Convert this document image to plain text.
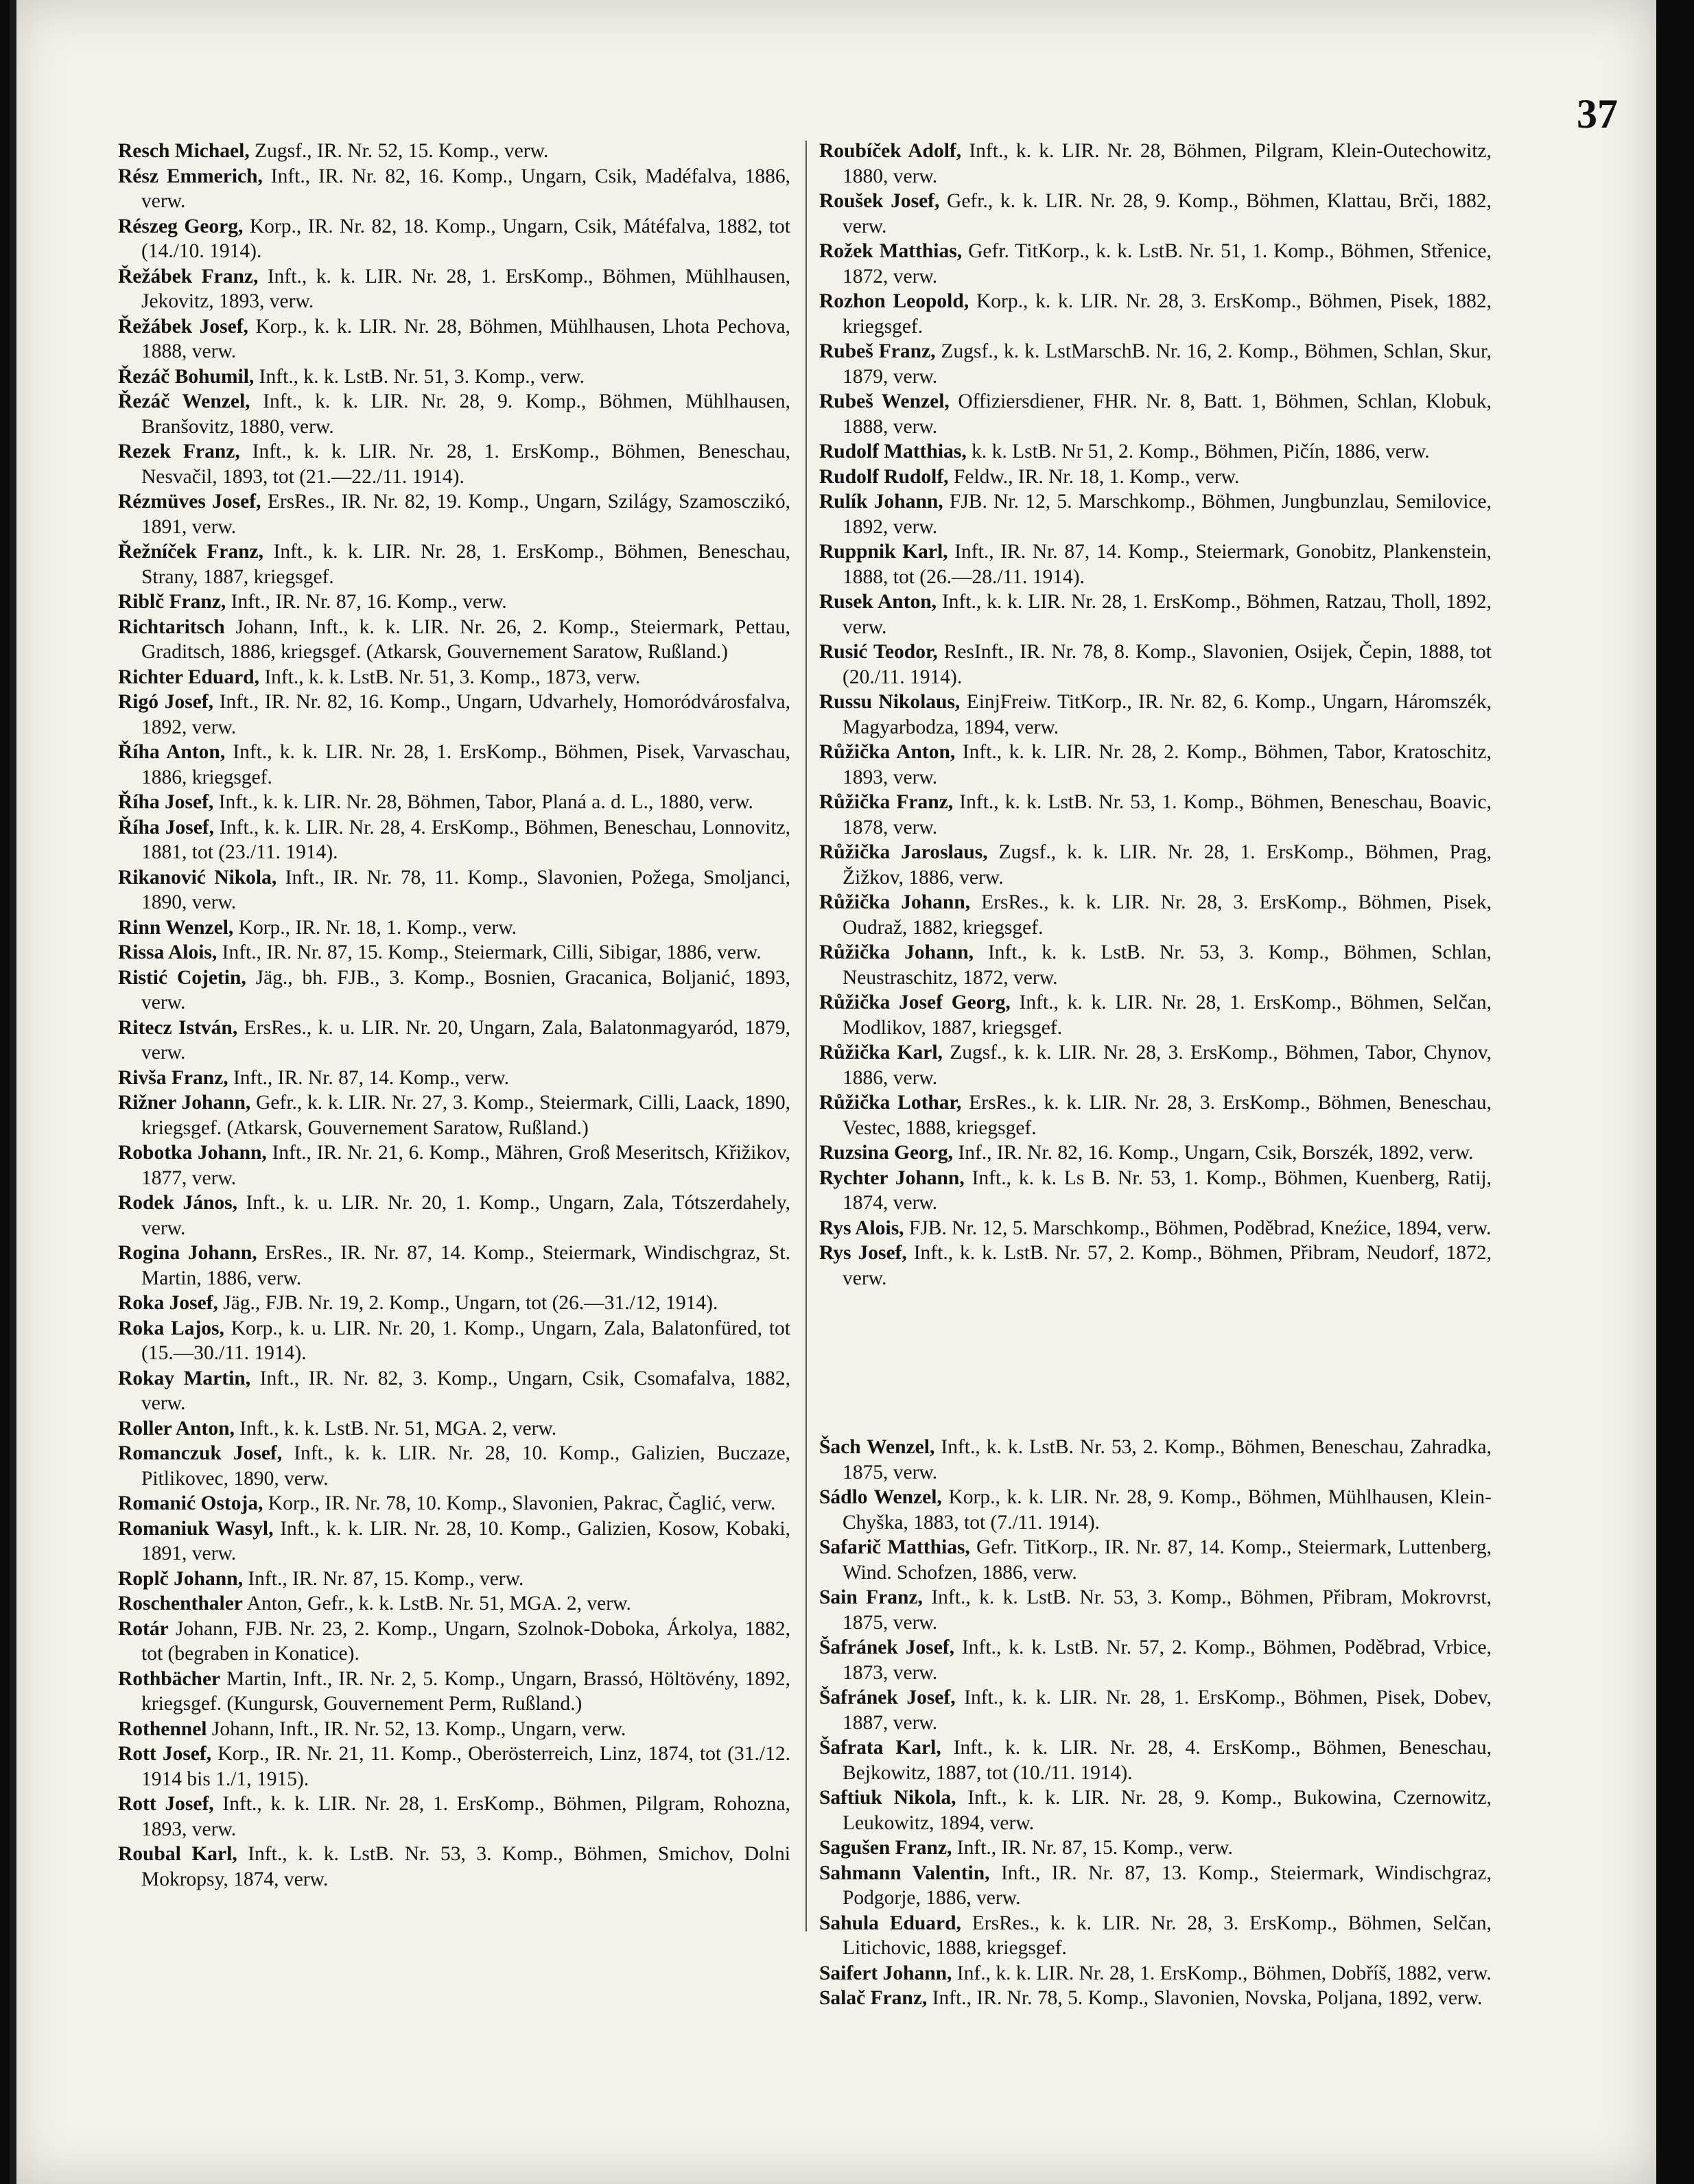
37

Resch Michael, Zugsf., IR. Nr. 52, 15. Komp., verw.

Rész Emmerich, Inft., IR. Nr. 82, 16. Komp., Ungarn, Csik, Madéfalva, 1886, verw.

Részeg Georg, Korp., IR. Nr. 82, 18. Komp., Ungarn, Csik, Mátéfalva, 1882, tot (14./10. 1914).

Řežábek Franz, Inft., k. k. LIR. Nr. 28, 1. ErsKomp., Böhmen, Mühlhausen, Jekovitz, 1893, verw.

Řežábek Josef, Korp., k. k. LIR. Nr. 28, Böhmen, Mühlhausen, Lhota Pechova, 1888, verw.

Řezáč Bohumil, Inft., k. k. LstB. Nr. 51, 3. Komp., verw.

Řezáč Wenzel, Inft., k. k. LIR. Nr. 28, 9. Komp., Böhmen, Mühlhausen, Branšovitz, 1880, verw.

Rezek Franz, Inft., k. k. LIR. Nr. 28, 1. ErsKomp., Böhmen, Beneschau, Nesvačil, 1893, tot (21.—22./11. 1914).

Rézmüves Josef, ErsRes., IR. Nr. 82, 19. Komp., Ungarn, Szilágy, Szamosczikó, 1891, verw.

Řežníček Franz, Inft., k. k. LIR. Nr. 28, 1. ErsKomp., Böhmen, Beneschau, Strany, 1887, kriegsgef.

Riblč Franz, Inft., IR. Nr. 87, 16. Komp., verw.

Richtaritsch Johann, Inft., k. k. LIR. Nr. 26, 2. Komp., Steiermark, Pettau, Graditsch, 1886, kriegsgef. (Atkarsk, Gouvernement Saratow, Rußland.)

Richter Eduard, Inft., k. k. LstB. Nr. 51, 3. Komp., 1873, verw.

Rigó Josef, Inft., IR. Nr. 82, 16. Komp., Ungarn, Udvarhely, Homoródvárosfalva, 1892, verw.

Říha Anton, Inft., k. k. LIR. Nr. 28, 1. ErsKomp., Böhmen, Pisek, Varvaschau, 1886, kriegsgef.

Říha Josef, Inft., k. k. LIR. Nr. 28, Böhmen, Tabor, Planá a. d. L., 1880, verw.

Říha Josef, Inft., k. k. LIR. Nr. 28, 4. ErsKomp., Böhmen, Beneschau, Lonnovitz, 1881, tot (23./11. 1914).

Rikanović Nikola, Inft., IR. Nr. 78, 11. Komp., Slavonien, Požega, Smoljanci, 1890, verw.

Rinn Wenzel, Korp., IR. Nr. 18, 1. Komp., verw.

Rissa Alois, Inft., IR. Nr. 87, 15. Komp., Steiermark, Cilli, Sibigar, 1886, verw.

Ristić Cojetin, Jäg., bh. FJB., 3. Komp., Bosnien, Gracanica, Boljanić, 1893, verw.

Ritecz István, ErsRes., k. u. LIR. Nr. 20, Ungarn, Zala, Balatonmagyaród, 1879, verw.

Rivša Franz, Inft., IR. Nr. 87, 14. Komp., verw.

Rižner Johann, Gefr., k. k. LIR. Nr. 27, 3. Komp., Steiermark, Cilli, Laack, 1890, kriegsgef. (Atkarsk, Gouvernement Saratow, Rußland.)

Robotka Johann, Inft., IR. Nr. 21, 6. Komp., Mähren, Groß Meseritsch, Křižikov, 1877, verw.

Rodek János, Inft., k. u. LIR. Nr. 20, 1. Komp., Ungarn, Zala, Tótszerdahely, verw.

Rogina Johann, ErsRes., IR. Nr. 87, 14. Komp., Steiermark, Windischgraz, St. Martin, 1886, verw.

Roka Josef, Jäg., FJB. Nr. 19, 2. Komp., Ungarn, tot (26.—31./12, 1914).

Roka Lajos, Korp., k. u. LIR. Nr. 20, 1. Komp., Ungarn, Zala, Balatonfüred, tot (15.—30./11. 1914).

Rokay Martin, Inft., IR. Nr. 82, 3. Komp., Ungarn, Csik, Csomafalva, 1882, verw.

Roller Anton, Inft., k. k. LstB. Nr. 51, MGA. 2, verw.

Romanczuk Josef, Inft., k. k. LIR. Nr. 28, 10. Komp., Galizien, Buczaze, Pitlikovec, 1890, verw.

Romanić Ostoja, Korp., IR. Nr. 78, 10. Komp., Slavonien, Pakrac, Čaglić, verw.

Romaniuk Wasyl, Inft., k. k. LIR. Nr. 28, 10. Komp., Galizien, Kosow, Kobaki, 1891, verw.

Roplč Johann, Inft., IR. Nr. 87, 15. Komp., verw.

Roschenthaler Anton, Gefr., k. k. LstB. Nr. 51, MGA. 2, verw.

Rotár Johann, FJB. Nr. 23, 2. Komp., Ungarn, Szolnok-Doboka, Árkolya, 1882, tot (begraben in Konatice).

Rothbächer Martin, Inft., IR. Nr. 2, 5. Komp., Ungarn, Brassó, Höltövény, 1892, kriegsgef. (Kungursk, Gouvernement Perm, Rußland.)

Rothennel Johann, Inft., IR. Nr. 52, 13. Komp., Ungarn, verw.

Rott Josef, Korp., IR. Nr. 21, 11. Komp., Oberösterreich, Linz, 1874, tot (31./12. 1914 bis 1./1, 1915).

Rott Josef, Inft., k. k. LIR. Nr. 28, 1. ErsKomp., Böhmen, Pilgram, Rohozna, 1893, verw.

Roubal Karl, Inft., k. k. LstB. Nr. 53, 3. Komp., Böhmen, Smichov, Dolni Mokropsy, 1874, verw.

Roubíček Adolf, Inft., k. k. LIR. Nr. 28, Böhmen, Pilgram, Klein-Outechowitz, 1880, verw.

Roušek Josef, Gefr., k. k. LIR. Nr. 28, 9. Komp., Böhmen, Klattau, Brči, 1882, verw.

Rožek Matthias, Gefr. TitKorp., k. k. LstB. Nr. 51, 1. Komp., Böhmen, Střenice, 1872, verw.

Rozhon Leopold, Korp., k. k. LIR. Nr. 28, 3. ErsKomp., Böhmen, Pisek, 1882, kriegsgef.

Rubeš Franz, Zugsf., k. k. LstMarschB. Nr. 16, 2. Komp., Böhmen, Schlan, Skur, 1879, verw.

Rubeš Wenzel, Offiziersdiener, FHR. Nr. 8, Batt. 1, Böhmen, Schlan, Klobuk, 1888, verw.

Rudolf Matthias, k. k. LstB. Nr 51, 2. Komp., Böhmen, Pičín, 1886, verw.

Rudolf Rudolf, Feldw., IR. Nr. 18, 1. Komp., verw.

Rulík Johann, FJB. Nr. 12, 5. Marschkomp., Böhmen, Jungbunzlau, Semilovice, 1892, verw.

Ruppnik Karl, Inft., IR. Nr. 87, 14. Komp., Steiermark, Gonobitz, Plankenstein, 1888, tot (26.—28./11. 1914).

Rusek Anton, Inft., k. k. LIR. Nr. 28, 1. ErsKomp., Böhmen, Ratzau, Tholl, 1892, verw.

Rusić Teodor, ResInft., IR. Nr. 78, 8. Komp., Slavonien, Osijek, Čepin, 1888, tot (20./11. 1914).

Russu Nikolaus, EinjFreiw. TitKorp., IR. Nr. 82, 6. Komp., Ungarn, Háromszék, Magyarbodza, 1894, verw.

Růžička Anton, Inft., k. k. LIR. Nr. 28, 2. Komp., Böhmen, Tabor, Kratoschitz, 1893, verw.

Růžička Franz, Inft., k. k. LstB. Nr. 53, 1. Komp., Böhmen, Beneschau, Boavic, 1878, verw.

Růžička Jaroslaus, Zugsf., k. k. LIR. Nr. 28, 1. ErsKomp., Böhmen, Prag, Žižkov, 1886, verw.

Růžička Johann, ErsRes., k. k. LIR. Nr. 28, 3. ErsKomp., Böhmen, Pisek, Oudraž, 1882, kriegsgef.

Růžička Johann, Inft., k. k. LstB. Nr. 53, 3. Komp., Böhmen, Schlan, Neustraschitz, 1872, verw.

Růžička Josef Georg, Inft., k. k. LIR. Nr. 28, 1. ErsKomp., Böhmen, Selčan, Modlikov, 1887, kriegsgef.

Růžička Karl, Zugsf., k. k. LIR. Nr. 28, 3. ErsKomp., Böhmen, Tabor, Chynov, 1886, verw.

Růžička Lothar, ErsRes., k. k. LIR. Nr. 28, 3. ErsKomp., Böhmen, Beneschau, Vestec, 1888, kriegsgef.

Ruzsina Georg, Inf., IR. Nr. 82, 16. Komp., Ungarn, Csik, Borszék, 1892, verw.

Rychter Johann, Inft., k. k. Ls B. Nr. 53, 1. Komp., Böhmen, Kuenberg, Ratij, 1874, verw.

Rys Alois, FJB. Nr. 12, 5. Marschkomp., Böhmen, Poděbrad, Kneźice, 1894, verw.

Rys Josef, Inft., k. k. LstB. Nr. 57, 2. Komp., Böhmen, Přibram, Neudorf, 1872, verw.

Šach Wenzel, Inft., k. k. LstB. Nr. 53, 2. Komp., Böhmen, Beneschau, Zahradka, 1875, verw.

Sádlo Wenzel, Korp., k. k. LIR. Nr. 28, 9. Komp., Böhmen, Mühlhausen, Klein-Chyška, 1883, tot (7./11. 1914).

Safarič Matthias, Gefr. TitKorp., IR. Nr. 87, 14. Komp., Steiermark, Luttenberg, Wind. Schofzen, 1886, verw.

Sain Franz, Inft., k. k. LstB. Nr. 53, 3. Komp., Böhmen, Přibram, Mokrovrst, 1875, verw.

Šafránek Josef, Inft., k. k. LstB. Nr. 57, 2. Komp., Böhmen, Poděbrad, Vrbice, 1873, verw.

Šafránek Josef, Inft., k. k. LIR. Nr. 28, 1. ErsKomp., Böhmen, Pisek, Dobev, 1887, verw.

Šafrata Karl, Inft., k. k. LIR. Nr. 28, 4. ErsKomp., Böhmen, Beneschau, Bejkowitz, 1887, tot (10./11. 1914).

Saftiuk Nikola, Inft., k. k. LIR. Nr. 28, 9. Komp., Bukowina, Czernowitz, Leukowitz, 1894, verw.

Sagušen Franz, Inft., IR. Nr. 87, 15. Komp., verw.

Sahmann Valentin, Inft., IR. Nr. 87, 13. Komp., Steiermark, Windischgraz, Podgorje, 1886, verw.

Sahula Eduard, ErsRes., k. k. LIR. Nr. 28, 3. ErsKomp., Böhmen, Selčan, Litichovic, 1888, kriegsgef.

Saifert Johann, Inf., k. k. LIR. Nr. 28, 1. ErsKomp., Böhmen, Dobříš, 1882, verw.

Salač Franz, Inft., IR. Nr. 78, 5. Komp., Slavonien, Novska, Poljana, 1892, verw.
